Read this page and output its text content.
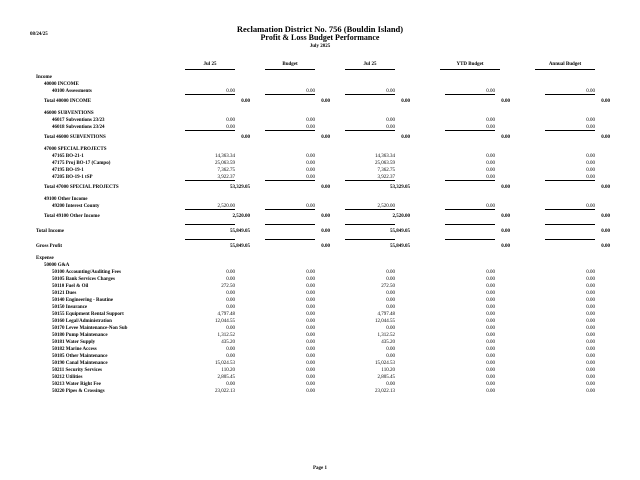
08/24/25
Reclamation District No. 756 (Bouldin Island)
Profit & Loss Budget Performance
July 2025
Jul 25	Budget	Jul 25	YTD Budget	Annual Budget
Income
40000 INCOME
40100 Assessments	0.00	0.00	0.00	0.00	0.00
Total 40000 INCOME	0.00	0.00	0.00	0.00	0.00
46000 SUBVENTIONS
46017 Subventions 23/23	0.00	0.00	0.00	0.00	0.00
46018 Subventions 23/24	0.00	0.00	0.00	0.00	0.00
Total 46000 SUBVENTIONS	0.00	0.00	0.00	0.00	0.00
47000 SPECIAL PROJECTS
47165 BO-21-1	14,363.34	0.00	14,363.34	0.00	0.00
47175 Proj BO-17 (Campo)	25,063.59	0.00	25,063.59	0.00	0.00
47195 BO-19-1	7,362.75	0.00	7,362.75	0.00	0.00
47205 BO-19-1 tSP	3,922.37	0.00	3,922.37	0.00	0.00
Total 47000 SPECIAL PROJECTS	53,329.05	0.00	53,329.05	0.00	0.00
49100 Other Income
49200 Interest County	2,520.00	0.00	2,520.00	0.00	0.00
Total 49100 Other Income	2,520.00	0.00	2,520.00	0.00	0.00
Total Income	55,849.05	0.00	55,849.05	0.00	0.00
Gross Profit	55,849.05	0.00	55,849.05	0.00	0.00
Expense
50000 G&A
50100 Accounting/Auditing Fees	0.00	0.00	0.00	0.00	0.00
50105 Bank Services Charges	0.00	0.00	0.00	0.00	0.00
50110 Fuel & Oil	272.50	0.00	272.50	0.00	0.00
50121 Dues	0.00	0.00	0.00	0.00	0.00
50140 Engineering - Routine	0.00	0.00	0.00	0.00	0.00
50150 Insurance	0.00	0.00	0.00	0.00	0.00
50155 Equipment Rental Support	4,797.48	0.00	4,797.48	0.00	0.00
50160 Legal/Administration	12,044.55	0.00	12,044.55	0.00	0.00
50170 Levee Maintenance-Non Sub	0.00	0.00	0.00	0.00	0.00
50180 Pump Maintenance	1,312.52	0.00	1,312.52	0.00	0.00
50181 Water Supply	435.20	0.00	435.20	0.00	0.00
50182 Marine Access	0.00	0.00	0.00	0.00	0.00
50185 Other Maintenance	0.00	0.00	0.00	0.00	0.00
50190 Canal Maintenance	15,024.53	0.00	15,024.53	0.00	0.00
50211 Security Services	110.20	0.00	110.20	0.00	0.00
50212 Utilities	2,805.45	0.00	2,805.45	0.00	0.00
50213 Water Right Fee	0.00	0.00	0.00	0.00	0.00
50220 Pipes & Crossings	23,022.13	0.00	23,022.13	0.00	0.00
Page 1
